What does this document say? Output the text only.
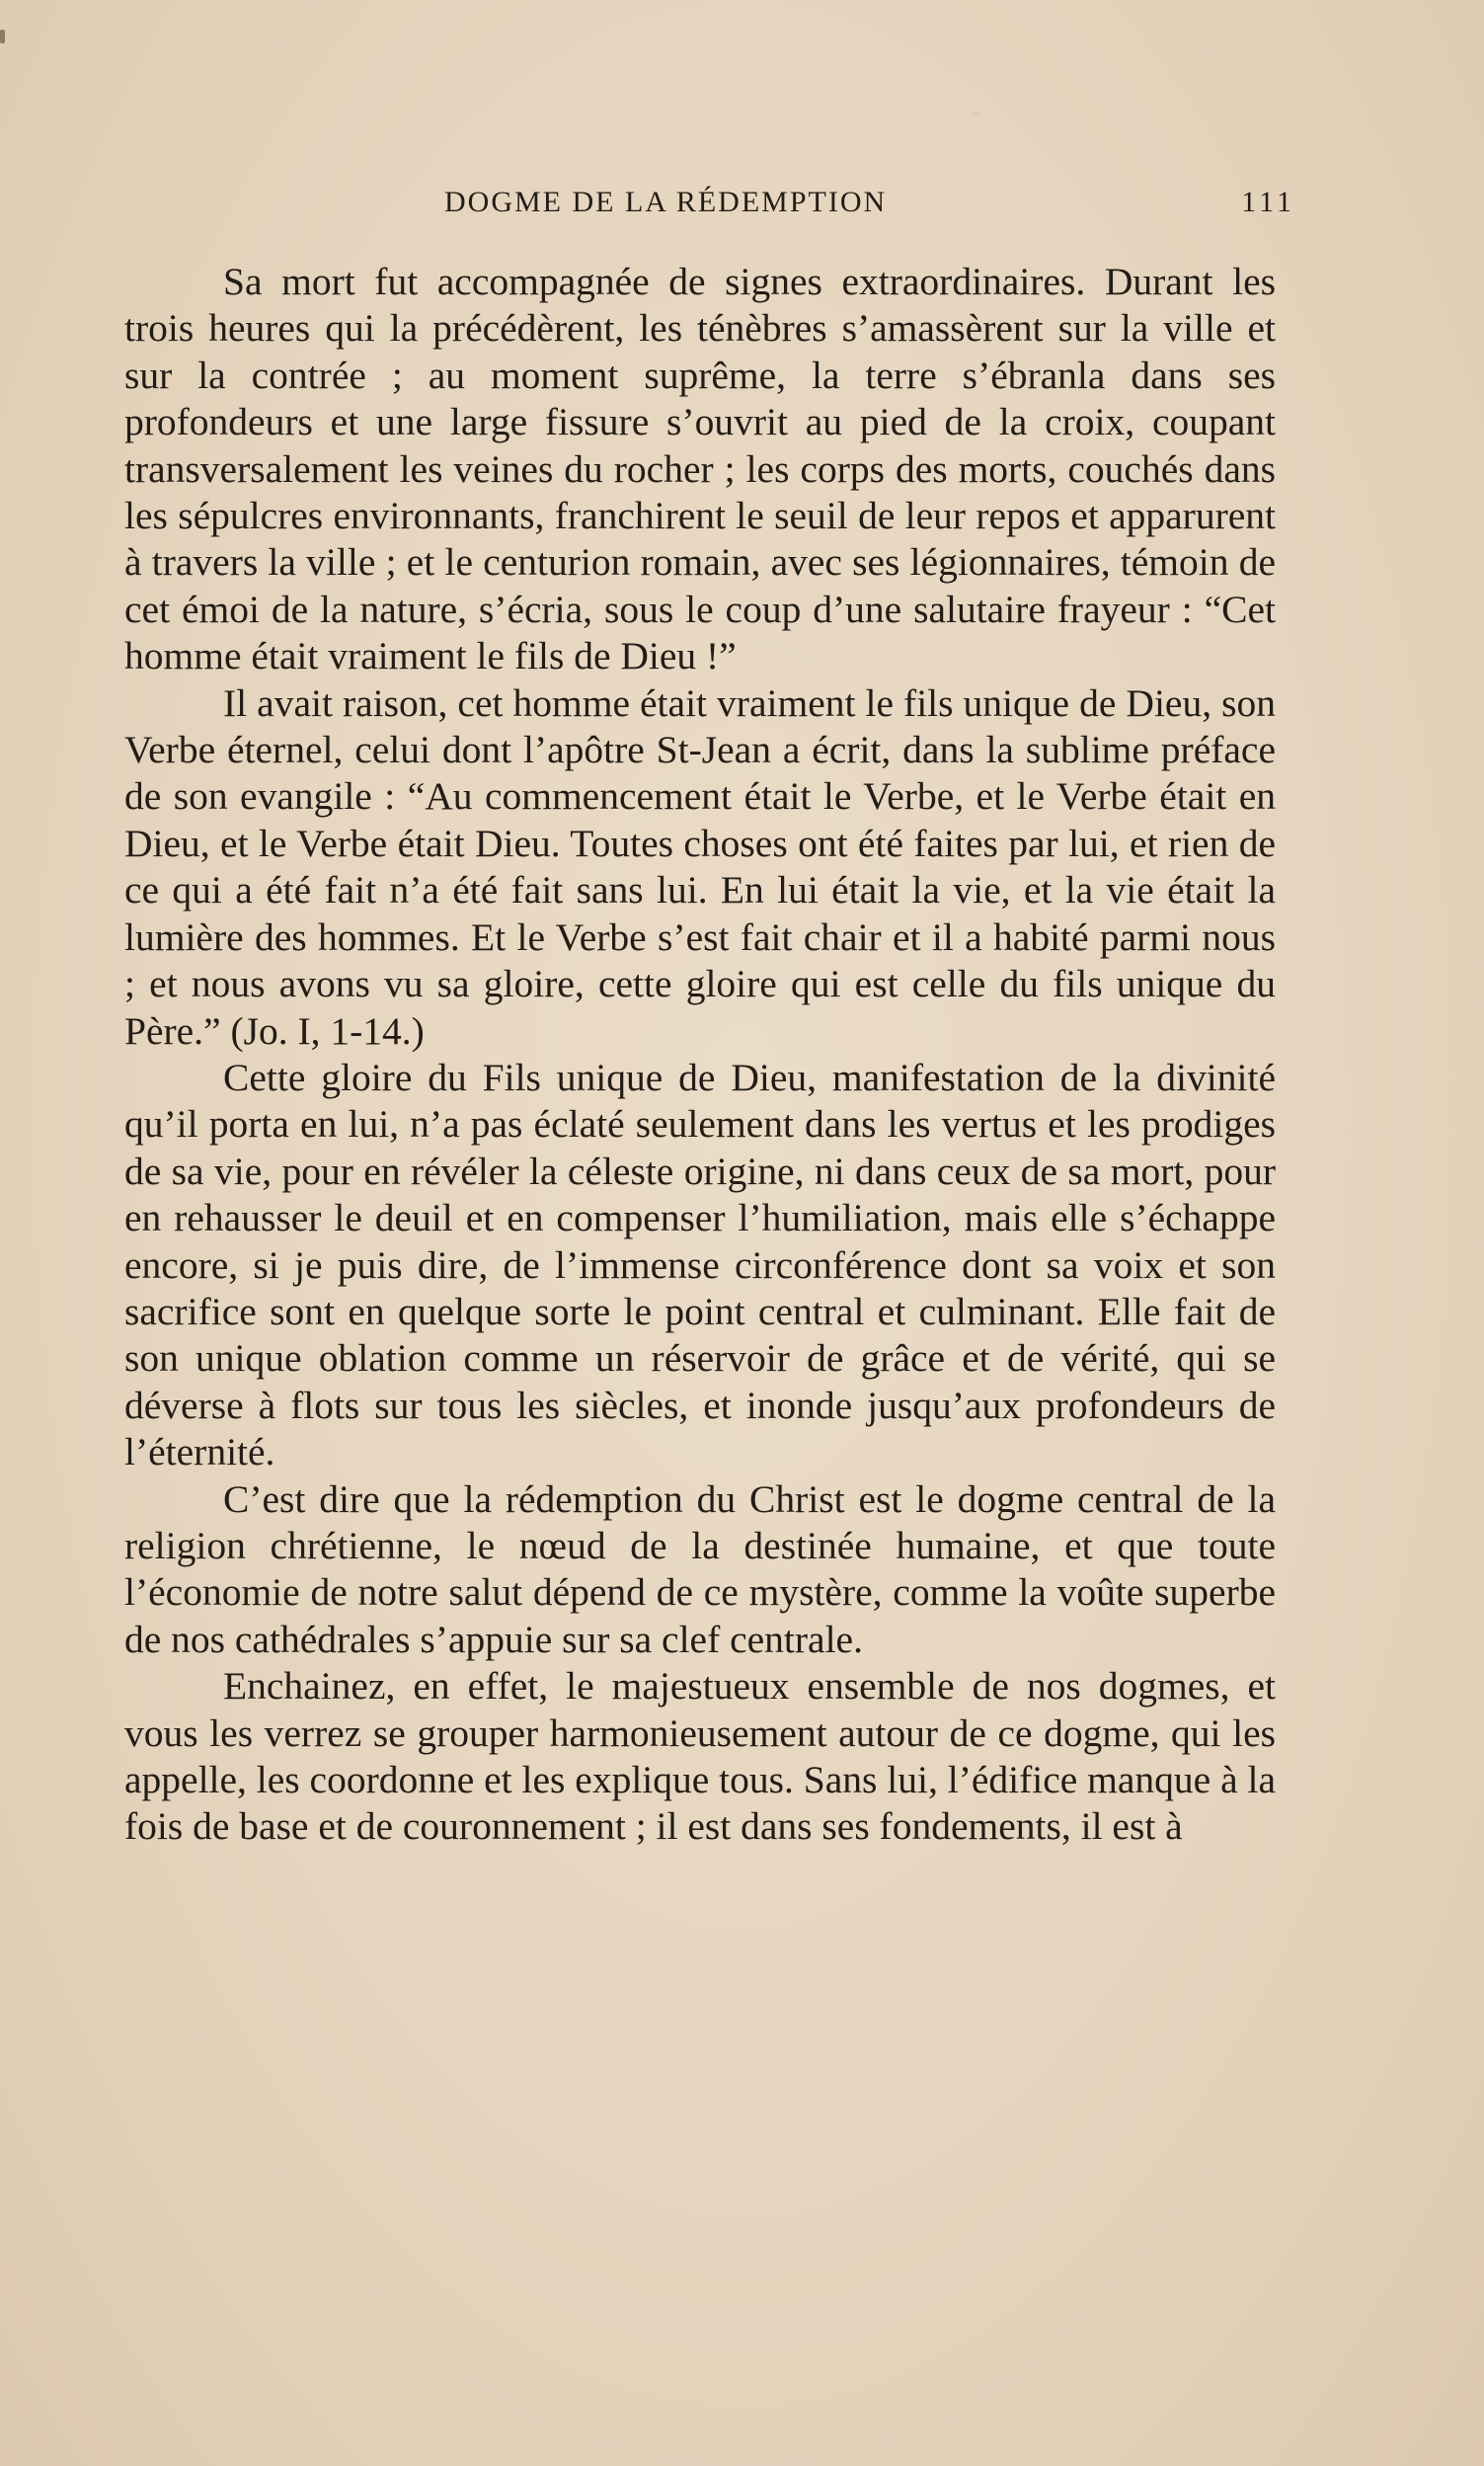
DOGME DE LA RÉDEMPTION	111

Sa mort fut accompagnée de signes extraordinaires. Durant les trois heures qui la précédèrent, les ténèbres s’amassèrent sur la ville et sur la contrée ; au moment suprême, la terre s’ébranla dans ses profondeurs et une large fissure s’ouvrit au pied de la croix, coupant transversalement les veines du rocher ; les corps des morts, couchés dans les sépulcres environnants, franchirent le seuil de leur repos et apparurent à travers la ville ; et le centurion romain, avec ses légionnaires, témoin de cet émoi de la nature, s’écria, sous le coup d’une salutaire frayeur : “Cet homme était vraiment le fils de Dieu !”

Il avait raison, cet homme était vraiment le fils unique de Dieu, son Verbe éternel, celui dont l’apôtre St-Jean a écrit, dans la sublime préface de son evangile : “Au commencement était le Verbe, et le Verbe était en Dieu, et le Verbe était Dieu. Toutes choses ont été faites par lui, et rien de ce qui a été fait n’a été fait sans lui. En lui était la vie, et la vie était la lumière des hommes. Et le Verbe s’est fait chair et il a habité parmi nous ; et nous avons vu sa gloire, cette gloire qui est celle du fils unique du Père.” (Jo. I, 1-14.)

Cette gloire du Fils unique de Dieu, manifestation de la divinité qu’il porta en lui, n’a pas éclaté seulement dans les vertus et les prodiges de sa vie, pour en révéler la céleste origine, ni dans ceux de sa mort, pour en rehausser le deuil et en compenser l’humiliation, mais elle s’échappe encore, si je puis dire, de l’immense circonférence dont sa voix et son sacrifice sont en quelque sorte le point central et culminant. Elle fait de son unique oblation comme un réservoir de grâce et de vérité, qui se déverse à flots sur tous les siècles, et inonde jusqu’aux profondeurs de l’éternité.

C’est dire que la rédemption du Christ est le dogme central de la religion chrétienne, le nœud de la destinée humaine, et que toute l’économie de notre salut dépend de ce mystère, comme la voûte superbe de nos cathédrales s’appuie sur sa clef centrale.

Enchainez, en effet, le majestueux ensemble de nos dogmes, et vous les verrez se grouper harmonieusement autour de ce dogme, qui les appelle, les coordonne et les explique tous. Sans lui, l’édifice manque à la fois de base et de couronnement ; il est dans ses fondements, il est à
